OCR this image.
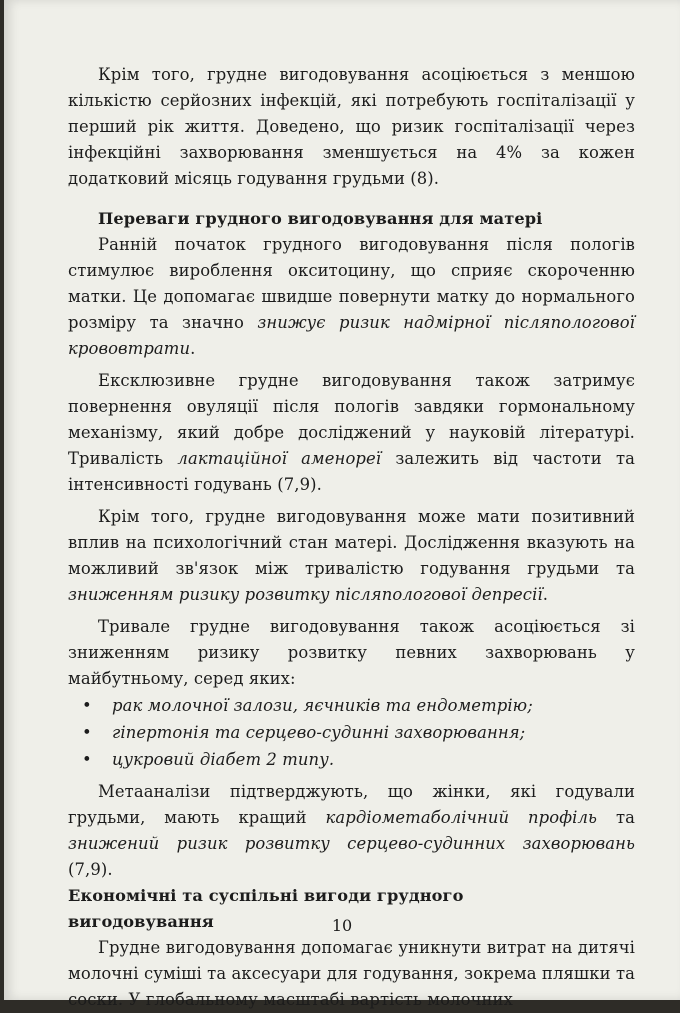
Крім того, грудне вигодовування асоціюється з меншою кількістю серйозних інфекцій, які потребують госпіталізації у перший рік життя. Доведено, що ризик госпіталізації через інфекційні захворювання зменшується на 4% за кожен додатковий місяць годування грудьми (8).

Переваги грудного вигодовування для матері

Ранній початок грудного вигодовування після пологів стимулює вироблення окситоцину, що сприяє скороченню матки. Це допомагає швидше повернути матку до нормального розміру та значно знижує ризик надмірної післяпологової крововтрати.

Ексклюзивне грудне вигодовування також затримує повернення овуляції після пологів завдяки гормональному механізму, який добре досліджений у науковій літературі. Тривалість лактаційної аменореї залежить від частоти та інтенсивності годувань (7,9).

Крім того, грудне вигодовування може мати позитивний вплив на психологічний стан матері. Дослідження вказують на можливий зв'язок між тривалістю годування грудьми та зниженням ризику розвитку післяпологової депресії.

Тривале грудне вигодовування також асоціюється зі зниженням ризику розвитку певних захворювань у майбутньому, серед яких:

• рак молочної залози, яєчників та ендометрію;
• гіпертонія та серцево-судинні захворювання;
• цукровий діабет 2 типу.

Метааналізи підтверджують, що жінки, які годували грудьми, мають кращий кардіометаболічний профіль та знижений ризик розвитку серцево-судинних захворювань (7,9).

Економічні та суспільні вигоди грудного
вигодовування

Грудне вигодовування допомагає уникнути витрат на дитячі молочні суміші та аксесуари для годування, зокрема пляшки та соски. У глобальному масштабі вартість молочних

10
